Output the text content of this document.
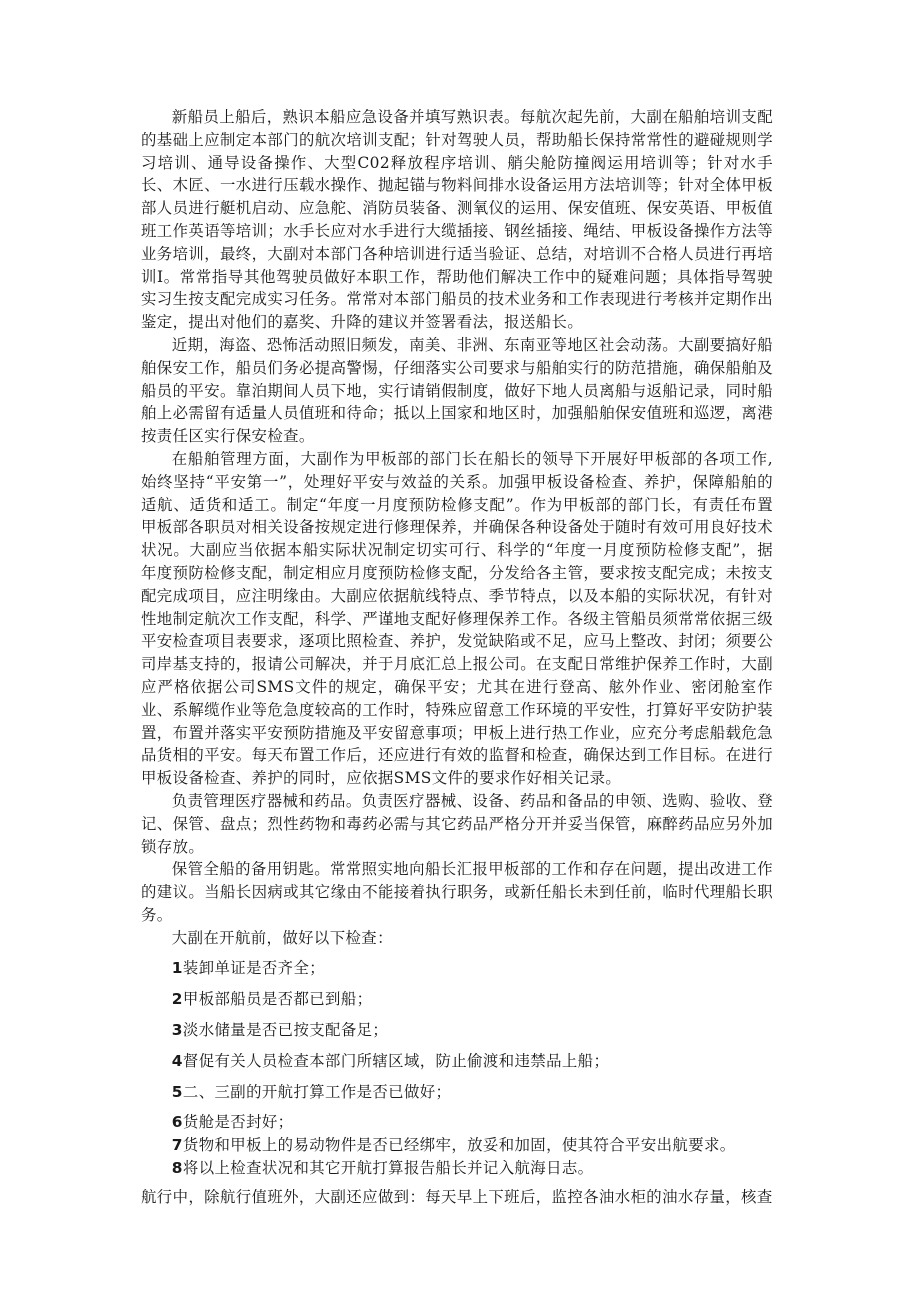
新船员上船后，熟识本船应急设备并填写熟识表。每航次起先前，大副在船舶培训支配的基础上应制定本部门的航次培训支配；针对驾驶人员，帮助船长保持常常性的避碰规则学习培训、通导设备操作、大型C02释放程序培训、艄尖舱防撞阀运用培训等；针对水手长、木匠、一水进行压载水操作、抛起锚与物料间排水设备运用方法培训等；针对全体甲板部人员进行艇机启动、应急舵、消防员装备、测氧仪的运用、保安值班、保安英语、甲板值班工作英语等培训；水手长应对水手进行大缆插接、钢丝插接、绳结、甲板设备操作方法等业务培训，最终，大副对本部门各种培训进行适当验证、总结，对培训不合格人员进行再培训I。常常指导其他驾驶员做好本职工作，帮助他们解决工作中的疑难问题；具体指导驾驶实习生按支配完成实习任务。常常对本部门船员的技术业务和工作表现进行考核并定期作出鉴定，提出对他们的嘉奖、升降的建议并签署看法，报送船长。

近期，海盗、恐怖活动照旧频发，南美、非洲、东南亚等地区社会动荡。大副要搞好船舶保安工作，船员们务必提高警惕，仔细落实公司要求与船舶实行的防范措施，确保船舶及船员的平安。靠泊期间人员下地，实行请销假制度，做好下地人员离船与返船记录，同时船舶上必需留有适量人员值班和待命；抵以上国家和地区时，加强船舶保安值班和巡逻，离港按责任区实行保安检查。

在船舶管理方面，大副作为甲板部的部门长在船长的领导下开展好甲板部的各项工作,始终坚持“平安第一”，处理好平安与效益的关系。加强甲板设备检查、养护，保障船舶的适航、适货和适工。制定“年度一月度预防检修支配”。作为甲板部的部门长，有责任布置甲板部各职员对相关设备按规定进行修理保养，并确保各种设备处于随时有效可用良好技术状况。大副应当依据本船实际状况制定切实可行、科学的“年度一月度预防检修支配”，据年度预防检修支配，制定相应月度预防检修支配，分发给各主管，要求按支配完成；未按支配完成项目，应注明缘由。大副应依据航线特点、季节特点，以及本船的实际状况，有针对性地制定航次工作支配，科学、严谨地支配好修理保养工作。各级主管船员须常常依据三级平安检查项目表要求，逐项比照检查、养护，发觉缺陷或不足，应马上整改、封闭；须要公司岸基支持的，报请公司解决，并于月底汇总上报公司。在支配日常维护保养工作时，大副应严格依据公司SMS文件的规定，确保平安；尤其在进行登高、舷外作业、密闭舱室作业、系解缆作业等危急度较高的工作时，特殊应留意工作环境的平安性，打算好平安防护装置，布置并落实平安预防措施及平安留意事项；甲板上进行热工作业，应充分考虑船载危急品货相的平安。每天布置工作后，还应进行有效的监督和检查，确保达到工作目标。在进行甲板设备检查、养护的同时，应依据SMS文件的要求作好相关记录。

负责管理医疗器械和药品。负责医疗器械、设备、药品和备品的申领、选购、验收、登记、保管、盘点；烈性药物和毒药必需与其它药品严格分开并妥当保管，麻醉药品应另外加锁存放。

保管全船的备用钥匙。常常照实地向船长汇报甲板部的工作和存在问题，提出改进工作的建议。当船长因病或其它缘由不能接着执行职务，或新任船长未到任前，临时代理船长职务。

大副在开航前，做好以下检查：

1装卸单证是否齐全；
2甲板部船员是否都已到船；
3淡水储量是否已按支配备足；
4督促有关人员检查本部门所辖区域，防止偷渡和违禁品上船；
5二、三副的开航打算工作是否已做好；
6货舱是否封好；
7货物和甲板上的易动物件是否已经绑牢，放妥和加固，使其符合平安出航要求。
8将以上检查状况和其它开航打算报告船长并记入航海日志。

航行中，除航行值班外，大副还应做到：每天早上下班后，监控各油水柜的油水存量，核查
